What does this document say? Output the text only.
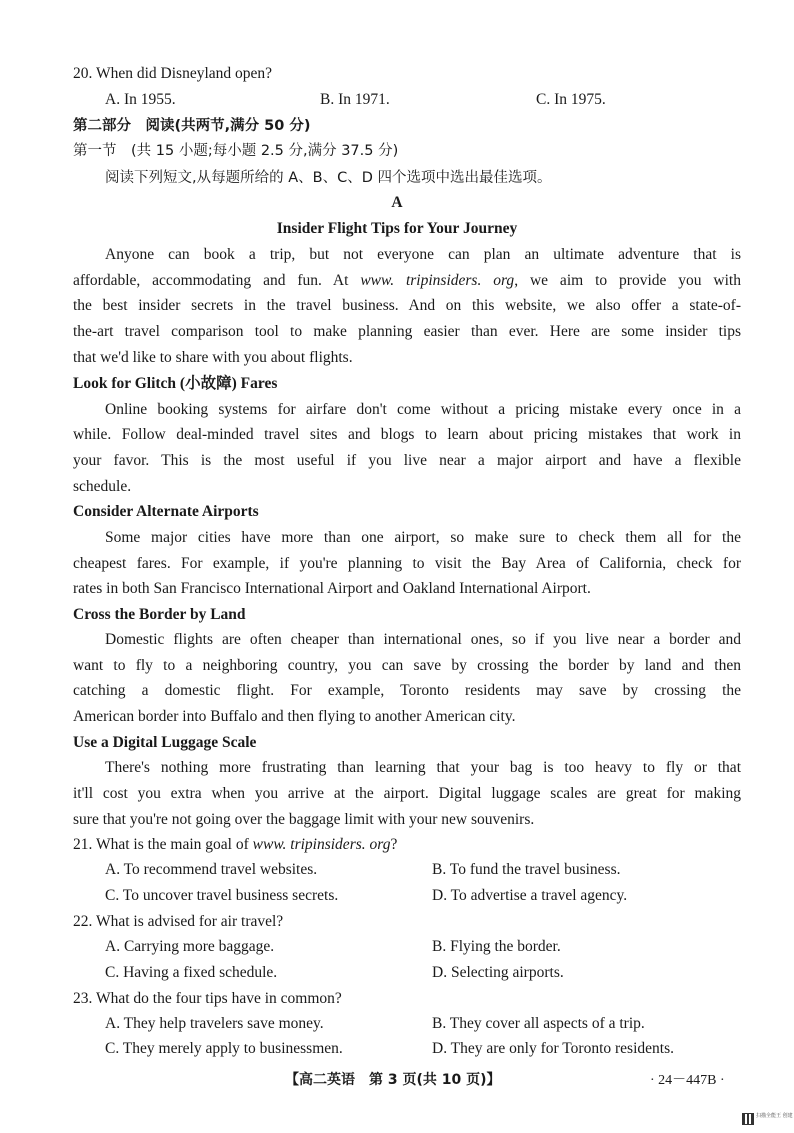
20. When did Disneyland open?
A. In 1955.	B. In 1971.	C. In 1975.
第二部分　阅读(共两节,满分 50 分)
第一节　(共 15 小题;每小题 2.5 分,满分 37.5 分)
阅读下列短文,从每题所给的 A、B、C、D 四个选项中选出最佳选项。
A
Insider Flight Tips for Your Journey
Anyone can book a trip, but not everyone can plan an ultimate adventure that is
affordable, accommodating and fun. At www. tripinsiders. org, we aim to provide you with
the best insider secrets in the travel business. And on this website, we also offer a state-of-
the-art travel comparison tool to make planning easier than ever. Here are some insider tips
that we'd like to share with you about flights.
Look for Glitch (小故障) Fares
Online booking systems for airfare don't come without a pricing mistake every once in a
while. Follow deal-minded travel sites and blogs to learn about pricing mistakes that work in
your favor. This is the most useful if you live near a major airport and have a flexible
schedule.
Consider Alternate Airports
Some major cities have more than one airport, so make sure to check them all for the
cheapest fares. For example, if you're planning to visit the Bay Area of California, check for
rates in both San Francisco International Airport and Oakland International Airport.
Cross the Border by Land
Domestic flights are often cheaper than international ones, so if you live near a border and
want to fly to a neighboring country, you can save by crossing the border by land and then
catching a domestic flight. For example, Toronto residents may save by crossing the
American border into Buffalo and then flying to another American city.
Use a Digital Luggage Scale
There's nothing more frustrating than learning that your bag is too heavy to fly or that
it'll cost you extra when you arrive at the airport. Digital luggage scales are great for making
sure that you're not going over the baggage limit with your new souvenirs.
21. What is the main goal of www. tripinsiders. org?
A. To recommend travel websites.	B. To fund the travel business.
C. To uncover travel business secrets.	D. To advertise a travel agency.
22. What is advised for air travel?
A. Carrying more baggage.	B. Flying the border.
C. Having a fixed schedule.	D. Selecting airports.
23. What do the four tips have in common?
A. They help travelers save money.	B. They cover all aspects of a trip.
C. They merely apply to businessmen.	D. They are only for Toronto residents.
【高二英语　第 3 页(共 10 页)】	· 24－447B ·
扫描全能王 创建
